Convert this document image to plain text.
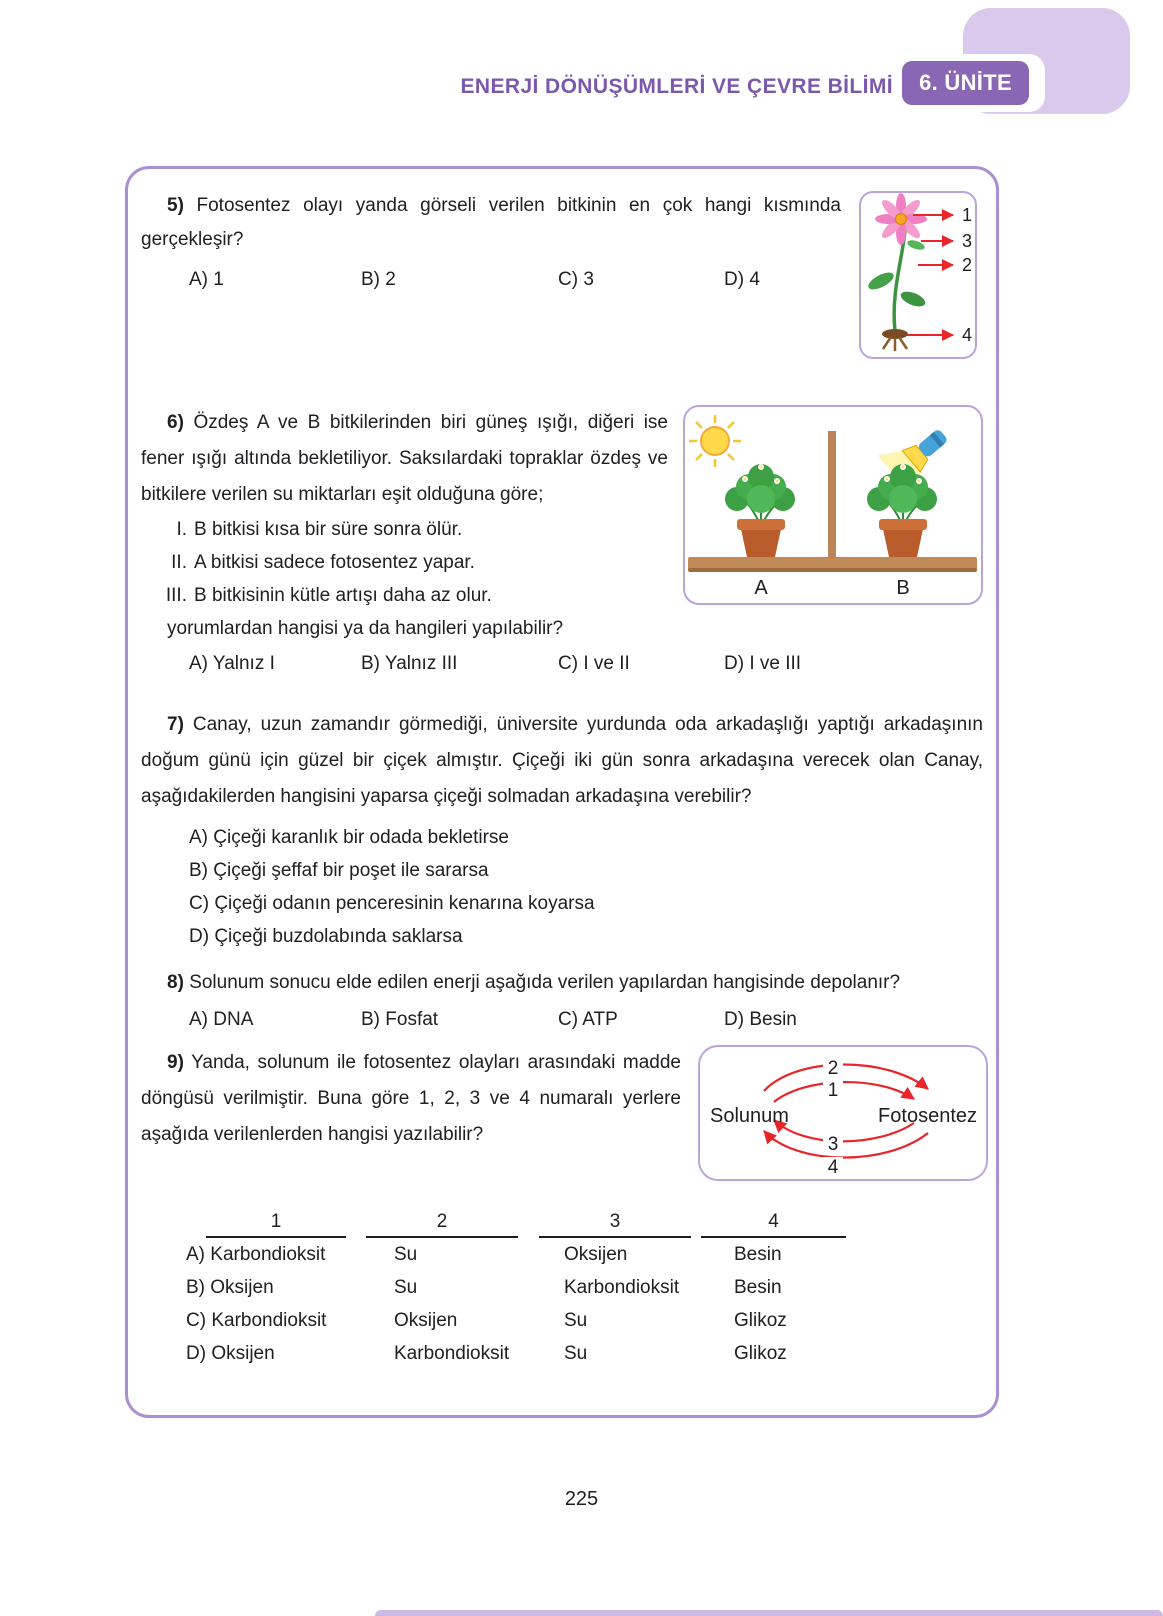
ENERJİ DÖNÜŞÜMLERİ VE ÇEVRE BİLİMİ	6. ÜNİTE

5) Fotosentez olayı yanda görseli verilen bitkinin en çok hangi kısmında gerçekleşir?

A) 1	B) 2	C) 3	D) 4
1
3
2
4

6) Özdeş A ve B bitkilerinden biri güneş ışığı, diğeri ise fener ışığı altında bekletiliyor. Saksılardaki topraklar özdeş ve bitkilere verilen su miktarları eşit olduğuna göre;

I. B bitkisi kısa bir süre sonra ölür.
II. A bitkisi sadece fotosentez yapar.
III. B bitkisinin kütle artışı daha az olur.
yorumlardan hangisi ya da hangileri yapılabilir?
A) Yalnız I	B) Yalnız III	C) I ve II	D) I ve III
A	B

7) Canay, uzun zamandır görmediği, üniversite yurdunda oda arkadaşlığı yaptığı arkadaşının doğum günü için güzel bir çiçek almıştır. Çiçeği iki gün sonra arkadaşına verecek olan Canay, aşağıdakilerden hangisini yaparsa çiçeği solmadan arkadaşına verebilir?

A) Çiçeği karanlık bir odada bekletirse
B) Çiçeği şeffaf bir poşet ile sararsa
C) Çiçeği odanın penceresinin kenarına koyarsa
D) Çiçeği buzdolabında saklarsa

8) Solunum sonucu elde edilen enerji aşağıda verilen yapılardan hangisinde depolanır?

A) DNA	B) Fosfat	C) ATP	D) Besin

9) Yanda, solunum ile fotosentez olayları arasındaki madde döngüsü verilmiştir. Buna göre 1, 2, 3 ve 4 numaralı yerlere aşağıda verilenlerden hangisi yazılabilir?

Solunum	Fotosentez
2
1
3
4
1	2	3	4
A) Karbondioksit	Su	Oksijen	Besin
B) Oksijen	Su	Karbondioksit	Besin
C) Karbondioksit	Oksijen	Su	Glikoz
D) Oksijen	Karbondioksit	Su	Glikoz
225
